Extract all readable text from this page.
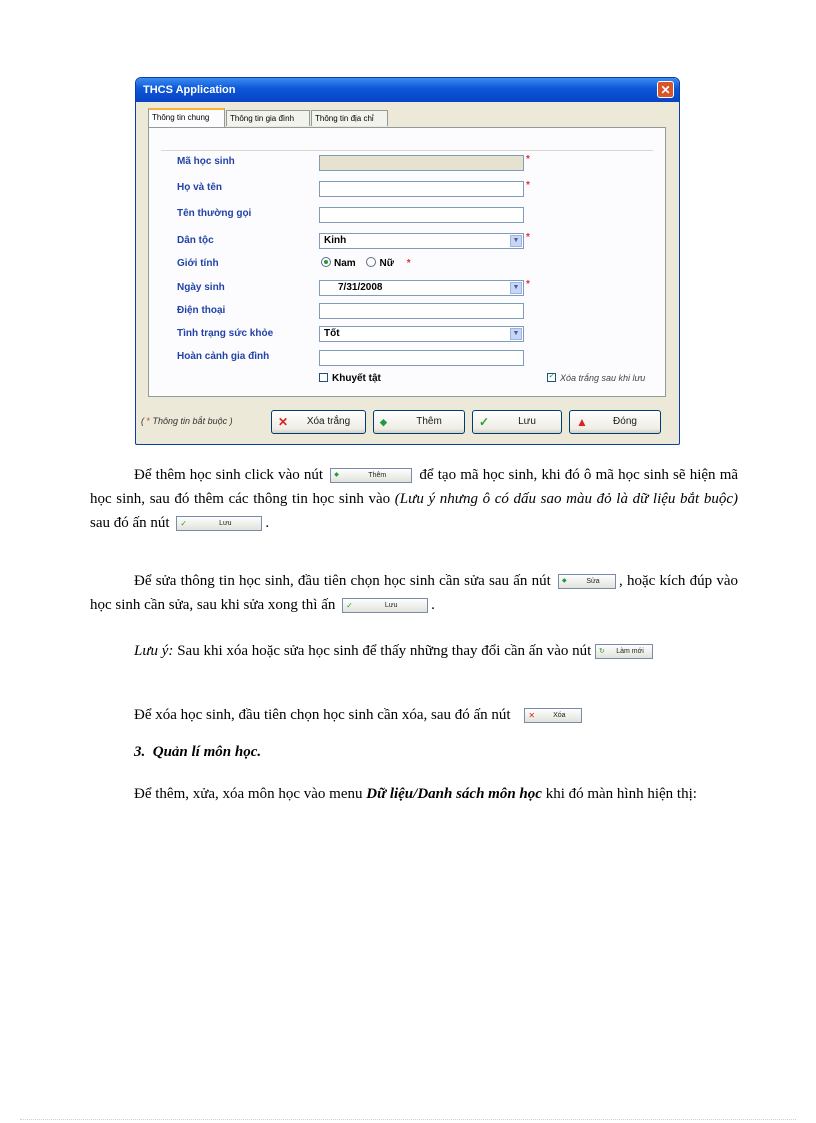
THCS Application	✕
Thông tin chung	Thông tin gia đình	Thông tin địa chỉ
Mã học sinh	*
Họ và tên	*
Tên thường gọi
Dân tộc	Kinh	▼ *
Giới tính	Nam Nữ *
Ngày sinh	7/31/2008	▼ *
Điện thoại
Tình trạng sức khỏe	Tốt	▼
Hoàn cảnh gia đình
Khuyết tật
✓	Xóa trắng sau khi lưu
( * Thông tin bắt buộc )	✕	Xóa trắng	◆	Thêm	✓	Lưu	▲	Đóng
Để thêm học sinh click vào nút ◆	Thêm	để tạo mã học sinh, khi đó ô mã học sinh sẽ hiện mã học sinh, sau đó thêm các thông tin học sinh vào (Lưu ý nhưng ô có dấu sao màu đỏ là dữ liệu bắt buộc) sau đó ấn nút ✓	Lưu	.
Để sửa thông tin học sinh, đầu tiên chọn học sinh cần sửa sau ấn nút ◆	Sửa	, hoặc kích đúp vào học sinh cần sửa, sau khi sửa xong thì ấn ✓	Lưu	.
Lưu ý: Sau khi xóa hoặc sửa học sinh để thấy những thay đổi cần ấn vào nút ↻	Làm mới
Để xóa học sinh, đầu tiên chọn học sinh cần xóa, sau đó ấn nút ✕	Xóa
3. Quản lí môn học.
Để thêm, xửa, xóa môn học vào menu Dữ liệu/Danh sách môn học khi đó màn hình hiện thị:
